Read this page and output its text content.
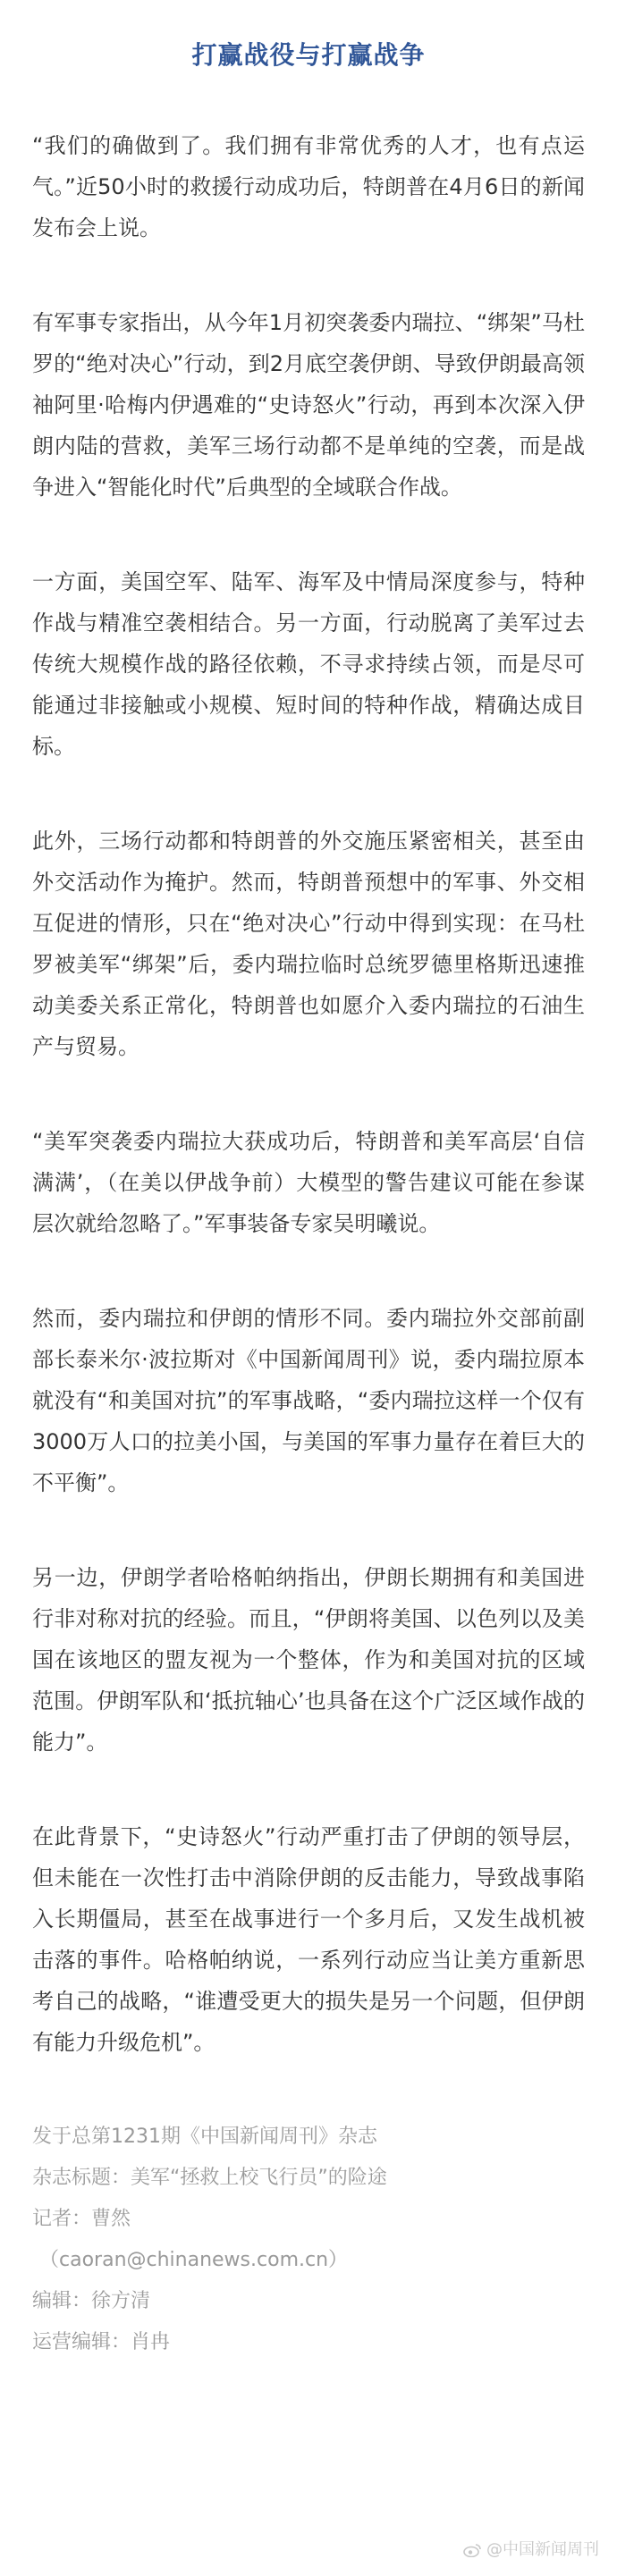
打赢战役与打赢战争

“我们的确做到了。我们拥有非常优秀的人才，也有点运气。”近50小时的救援行动成功后，特朗普在4月6日的新闻发布会上说。

有军事专家指出，从今年1月初突袭委内瑞拉、“绑架”马杜罗的“绝对决心”行动，到2月底空袭伊朗、导致伊朗最高领袖阿里·哈梅内伊遇难的“史诗怒火”行动，再到本次深入伊朗内陆的营救，美军三场行动都不是单纯的空袭，而是战争进入“智能化时代”后典型的全域联合作战。

一方面，美国空军、陆军、海军及中情局深度参与，特种作战与精准空袭相结合。另一方面，行动脱离了美军过去传统大规模作战的路径依赖，不寻求持续占领，而是尽可能通过非接触或小规模、短时间的特种作战，精确达成目标。

此外，三场行动都和特朗普的外交施压紧密相关，甚至由外交活动作为掩护。然而，特朗普预想中的军事、外交相互促进的情形，只在“绝对决心”行动中得到实现：在马杜罗被美军“绑架”后，委内瑞拉临时总统罗德里格斯迅速推动美委关系正常化，特朗普也如愿介入委内瑞拉的石油生产与贸易。

“美军突袭委内瑞拉大获成功后，特朗普和美军高层‘自信满满’，（在美以伊战争前）大模型的警告建议可能在参谋层次就给忽略了。”军事装备专家吴明曦说。

然而，委内瑞拉和伊朗的情形不同。委内瑞拉外交部前副部长泰米尔·波拉斯对《中国新闻周刊》说，委内瑞拉原本就没有“和美国对抗”的军事战略，“委内瑞拉这样一个仅有3000万人口的拉美小国，与美国的军事力量存在着巨大的不平衡”。

另一边，伊朗学者哈格帕纳指出，伊朗长期拥有和美国进行非对称对抗的经验。而且，“伊朗将美国、以色列以及美国在该地区的盟友视为一个整体，作为和美国对抗的区域范围。伊朗军队和‘抵抗轴心’也具备在这个广泛区域作战的能力”。

在此背景下，“史诗怒火”行动严重打击了伊朗的领导层，但未能在一次性打击中消除伊朗的反击能力，导致战事陷入长期僵局，甚至在战事进行一个多月后，又发生战机被击落的事件。哈格帕纳说，一系列行动应当让美方重新思考自己的战略，“谁遭受更大的损失是另一个问题，但伊朗有能力升级危机”。

发于总第1231期《中国新闻周刊》杂志

杂志标题：美军“拯救上校飞行员”的险途

记者：曹然

（caoran@chinanews.com.cn）

编辑：徐方清

运营编辑：肖冉

@中国新闻周刊
